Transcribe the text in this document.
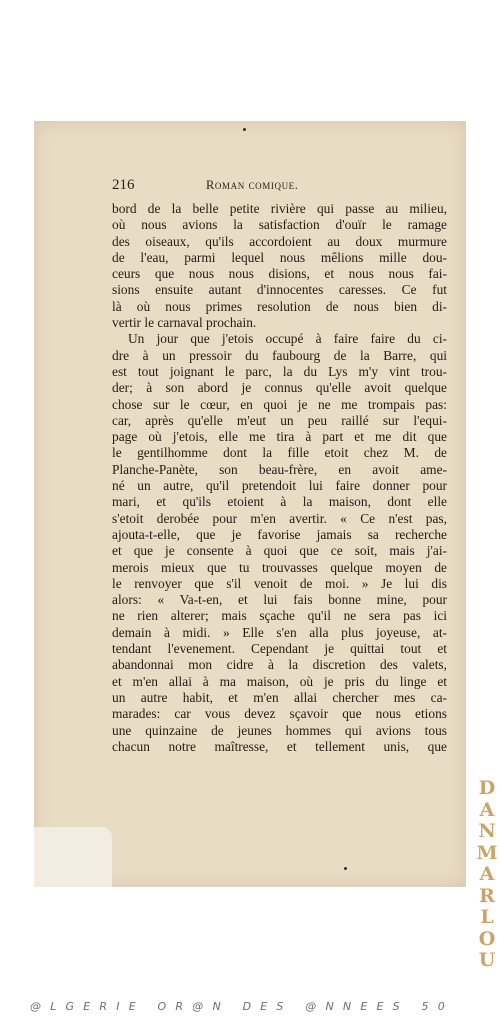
216	Roman comique.
bord de la belle petite rivière qui passe au milieu,
où nous avions la satisfaction d'ouïr le ramage
des oiseaux, qu'ils accordoient au doux murmure
de l'eau, parmi lequel nous mêlions mille dou-
ceurs que nous nous disions, et nous nous fai-
sions ensuite autant d'innocentes caresses. Ce fut
là où nous primes resolution de nous bien di-
vertir le carnaval prochain.
Un jour que j'etois occupé à faire faire du ci-
dre à un pressoir du faubourg de la Barre, qui
est tout joignant le parc, la du Lys m'y vint trou-
der; à son abord je connus qu'elle avoit quelque
chose sur le cœur, en quoi je ne me trompais pas:
car, après qu'elle m'eut un peu raillé sur l'equi-
page où j'etois, elle me tira à part et me dit que
le gentilhomme dont la fille etoit chez M. de
Planche-Panète, son beau-frère, en avoit ame-
né un autre, qu'il pretendoit lui faire donner pour
mari, et qu'ils etoient à la maison, dont elle
s'etoit derobée pour m'en avertir. « Ce n'est pas,
ajouta-t-elle, que je favorise jamais sa recherche
et que je consente à quoi que ce soit, mais j'ai-
merois mieux que tu trouvasses quelque moyen de
le renvoyer que s'il venoit de moi. » Je lui dis
alors: « Va-t-en, et lui fais bonne mine, pour
ne rien alterer; mais sçache qu'il ne sera pas ici
demain à midi. » Elle s'en alla plus joyeuse, at-
tendant l'evenement. Cependant je quittai tout et
abandonnai mon cidre à la discretion des valets,
et m'en allai à ma maison, où je pris du linge et
un autre habit, et m'en allai chercher mes ca-
marades: car vous devez sçavoir que nous etions
une quinzaine de jeunes hommes qui avions tous
chacun notre maîtresse, et tellement unis, que
D
A
N
M
A
R
L
O
U
@LGERIE OR@N DES @NNEES 50
